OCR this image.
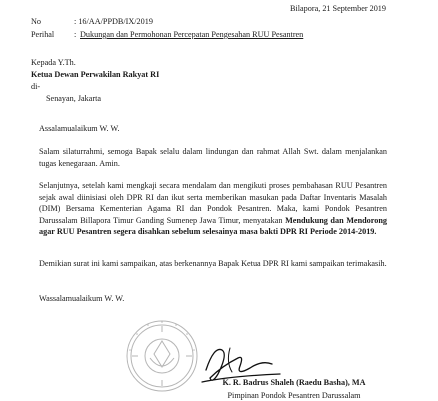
Bilapora, 21 September 2019
No	: 16/AA/PPDB/IX/2019
Perihal : Dukungan dan Permohonan Percepatan Pengesahan RUU Pesantren
Kepada Y.Th.
Ketua Dewan Perwakilan Rakyat RI
di-
Senayan, Jakarta
Assalamualaikum W. W.
Salam silaturrahmi, semoga Bapak selalu dalam lindungan dan rahmat Allah Swt. dalam menjalankan tugas kenegaraan. Amin.
Selanjutnya, setelah kami mengkaji secara mendalam dan mengikuti proses pembahasan RUU Pesantren sejak awal diinisiasi oleh DPR RI dan ikut serta memberikan masukan pada Daftar Inventaris Masalah (DIM) Bersama Kementerian Agama RI dan Pondok Pesantren. Maka, kami Pondok Pesantren Darussalam Billapora Timur Ganding Sumenep Jawa Timur, menyatakan Mendukung dan Mendorong agar RUU Pesantren segera disahkan sebelum selesainya masa bakti DPR RI Periode 2014-2019.
Demikian surat ini kami sampaikan, atas berkenannya Bapak Ketua DPR RI kami sampaikan terimakasih.
Wassalamualaikum W. W.
K. R. Badrus Shaleh (Raedu Basha), MA
Pimpinan Pondok Pesantren Darussalam
